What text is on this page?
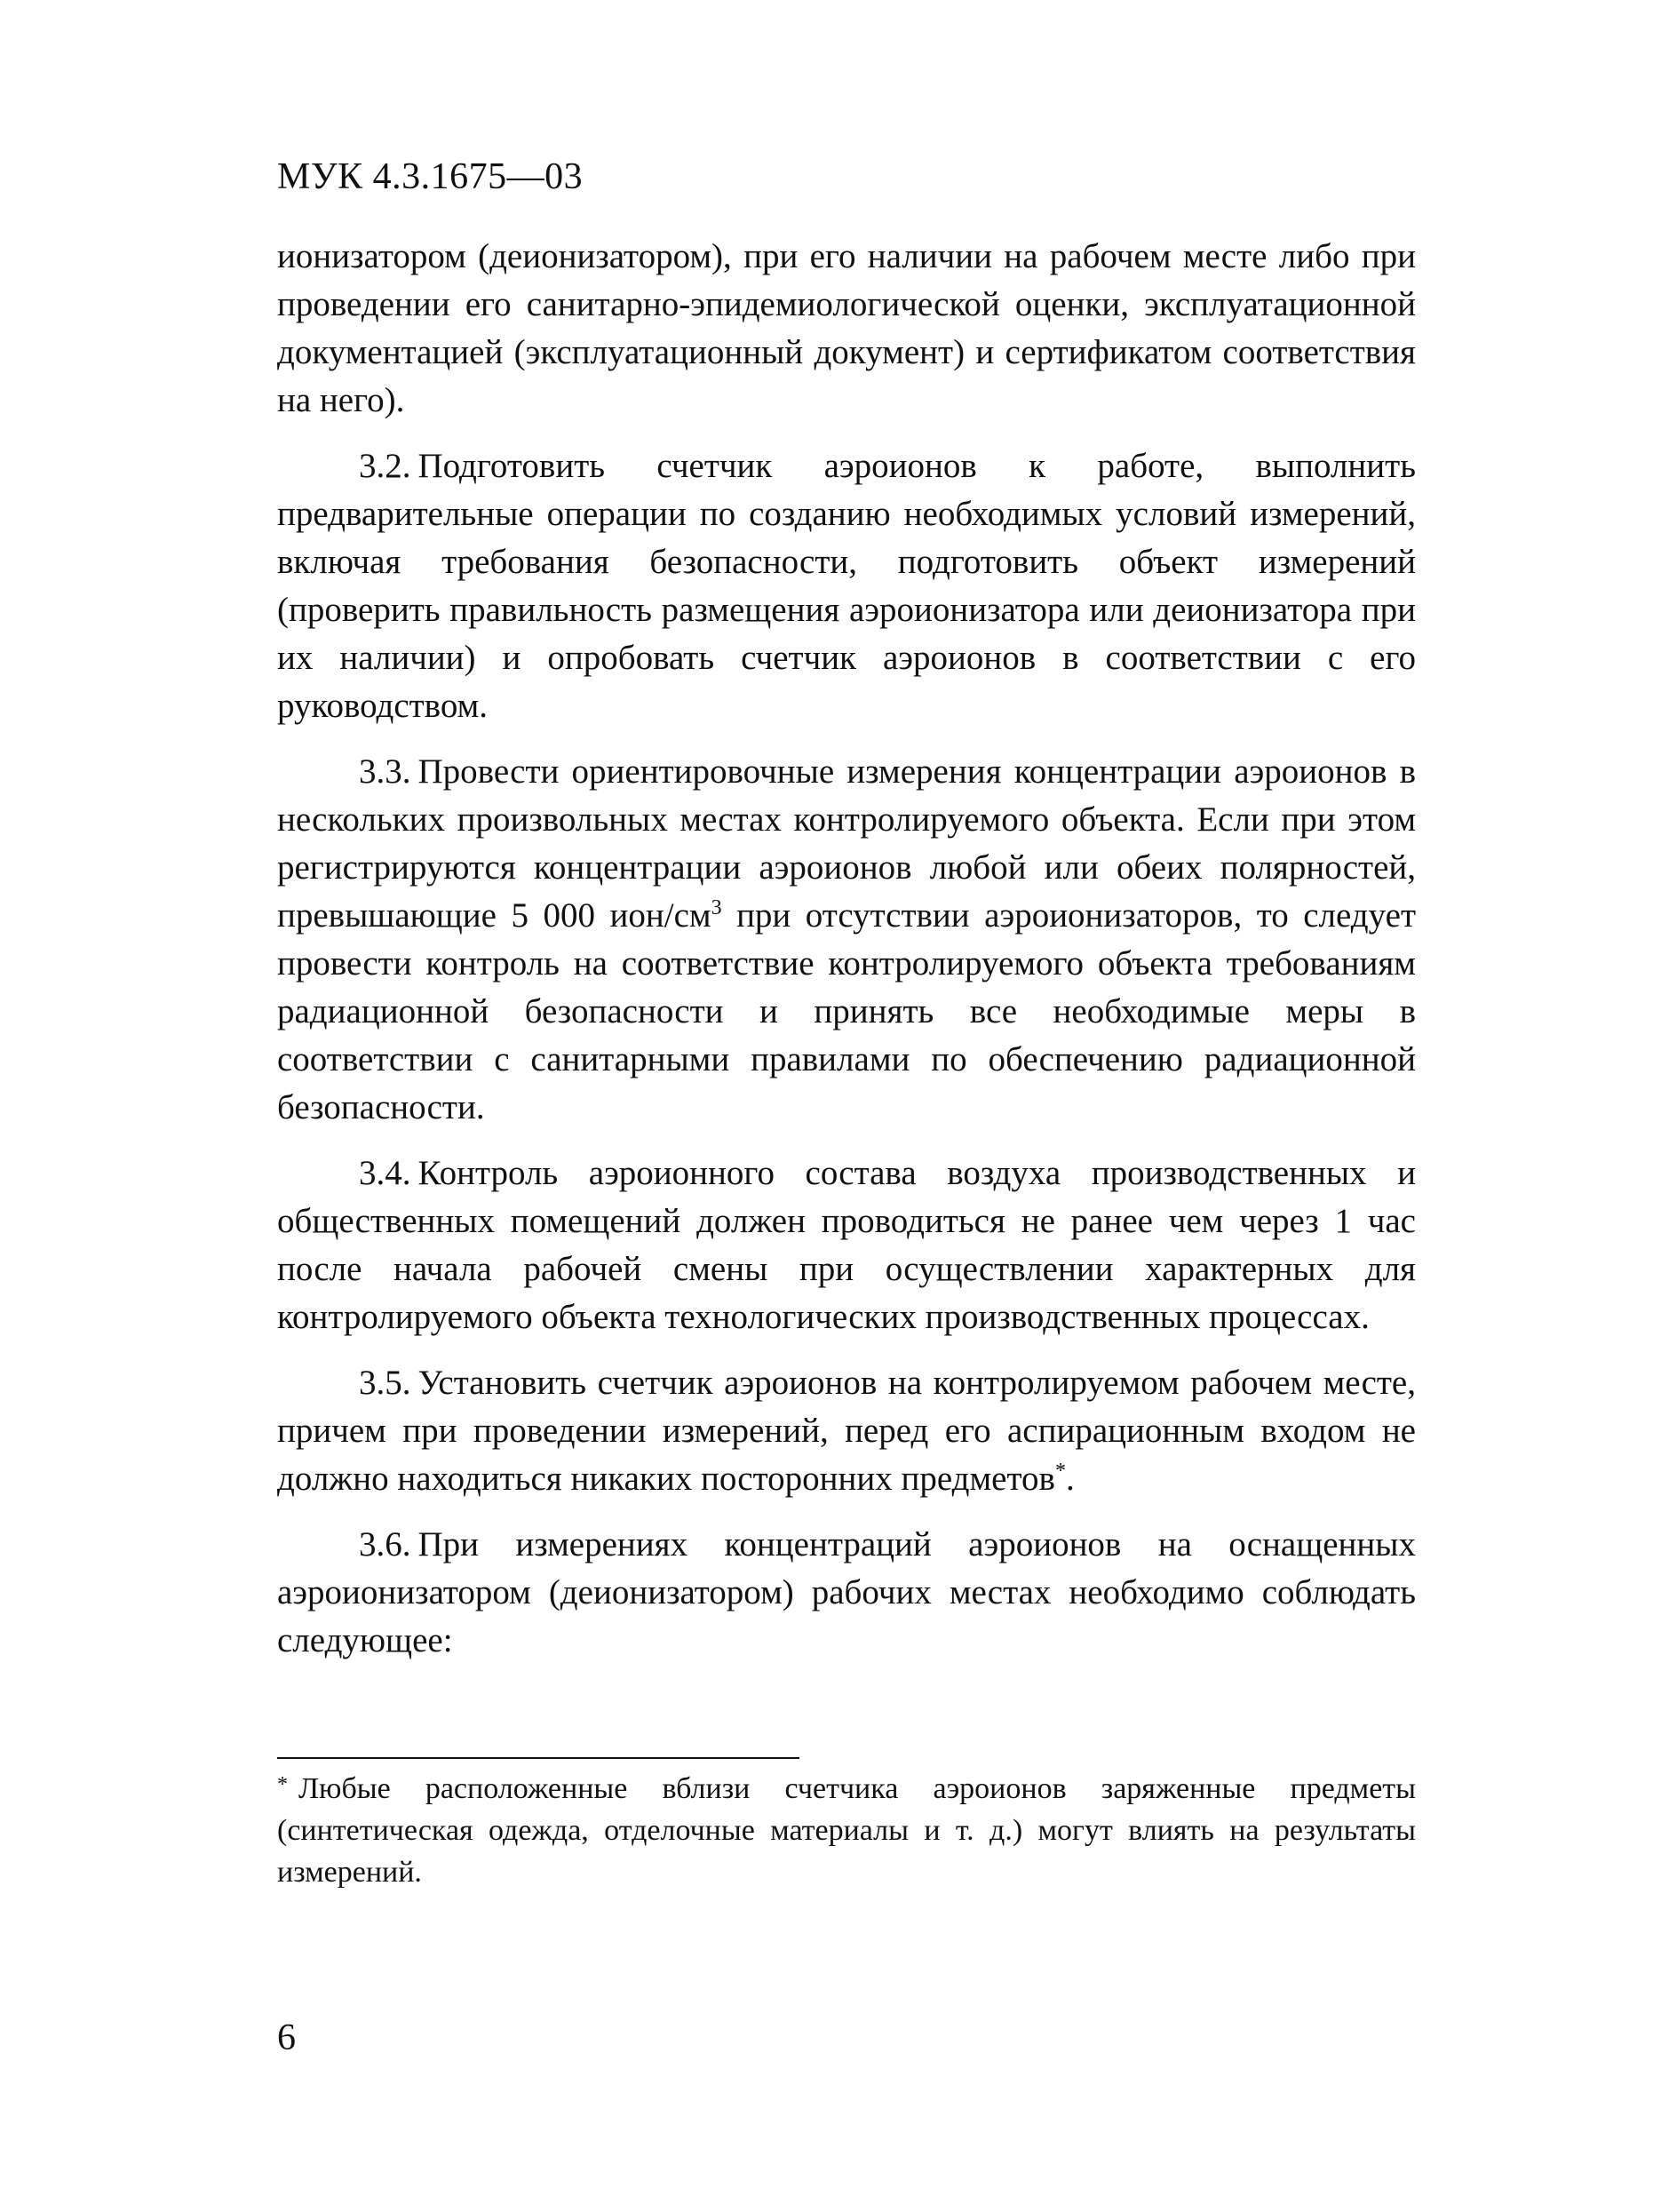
МУК 4.3.1675—03

ионизатором (деионизатором), при его наличии на рабочем месте либо при проведении его санитарно-эпидемиологической оценки, эксплуатационной документацией (эксплуатационный документ) и сертификатом соответствия на него).

3.2. Подготовить счетчик аэроионов к работе, выполнить предварительные операции по созданию необходимых условий измерений, включая требования безопасности, подготовить объект измерений (проверить правильность размещения аэроионизатора или деионизатора при их наличии) и опробовать счетчик аэроионов в соответствии с его руководством.

3.3. Провести ориентировочные измерения концентрации аэроионов в нескольких произвольных местах контролируемого объекта. Если при этом регистрируются концентрации аэроионов любой или обеих полярностей, превышающие 5 000 ион/$см^3$ при отсутствии аэроионизаторов, то следует провести контроль на соответствие контролируемого объекта требованиям радиационной безопасности и принять все необходимые меры в соответствии с санитарными правилами по обеспечению радиационной безопасности.

3.4. Контроль аэроионного состава воздуха производственных и общественных помещений должен проводиться не ранее чем через 1 час после начала рабочей смены при осуществлении характерных для контролируемого объекта технологических производственных процессах.

3.5. Установить счетчик аэроионов на контролируемом рабочем месте, причем при проведении измерений, перед его аспирационным входом не должно находиться никаких посторонних предметов*.

3.6. При измерениях концентраций аэроионов на оснащенных аэроионизатором (деионизатором) рабочих местах необходимо соблюдать следующее:

* Любые расположенные вблизи счетчика аэроионов заряженные предметы (синтетическая одежда, отделочные материалы и т. д.) могут влиять на результаты измерений.
6
